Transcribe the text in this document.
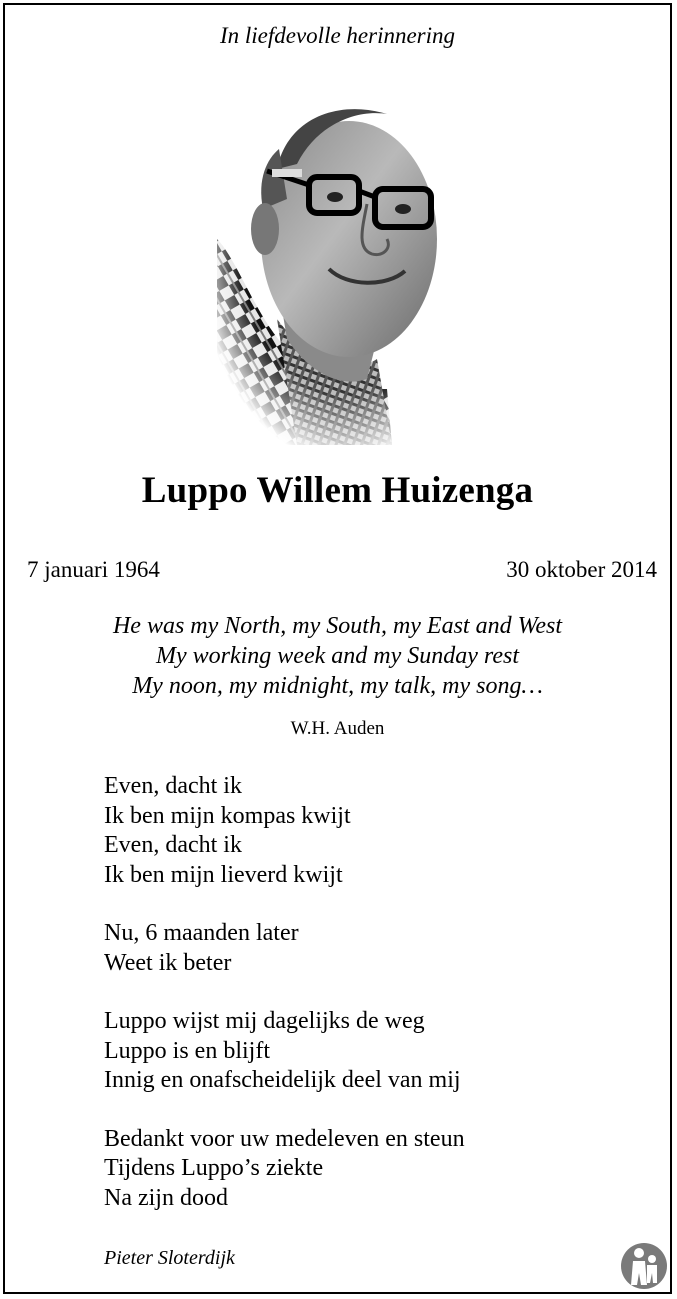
In liefdevolle herinnering
Luppo Willem Huizenga
7 januari 1964	30 oktober 2014
He was my North, my South, my East and West
My working week and my Sunday rest
My noon, my midnight, my talk, my song…
W.H. Auden
Even, dacht ik
Ik ben mijn kompas kwijt
Even, dacht ik
Ik ben mijn lieverd kwijt
Nu, 6 maanden later
Weet ik beter
Luppo wijst mij dagelijks de weg
Luppo is en blijft
Innig en onafscheidelijk deel van mij
Bedankt voor uw medeleven en steun
Tijdens Luppo’s ziekte
Na zijn dood
Pieter Sloterdijk
